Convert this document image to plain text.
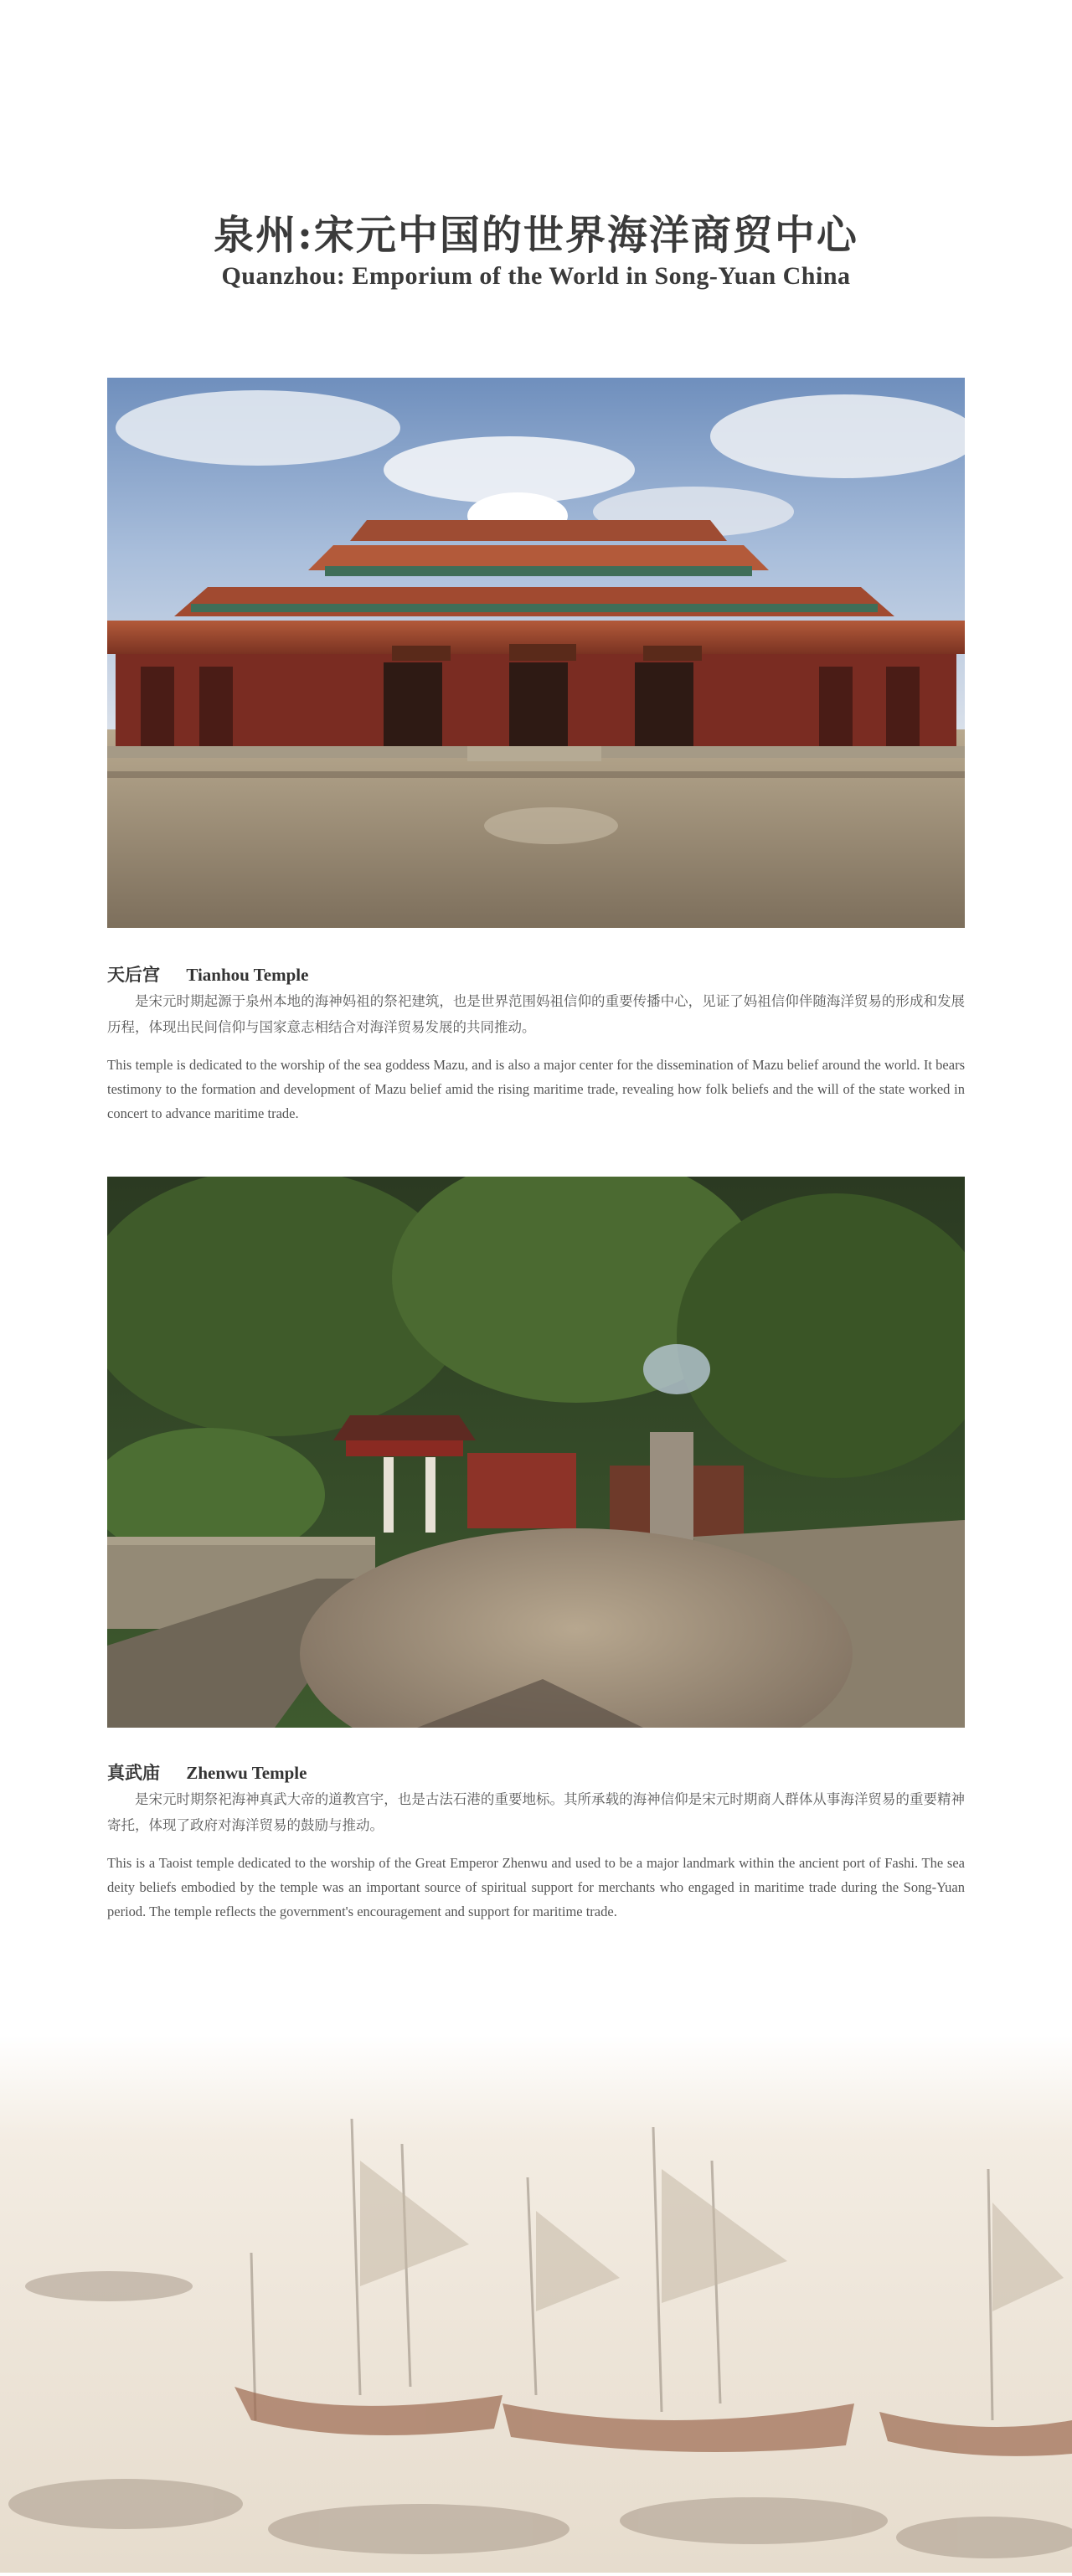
泉州:宋元中国的世界海洋商贸中心
Quanzhou: Emporium of the World in Song-Yuan China
天后宫 Tianhou Temple

是宋元时期起源于泉州本地的海神妈祖的祭祀建筑，也是世界范围妈祖信仰的重要传播中心，见证了妈祖信仰伴随海洋贸易的形成和发展历程，体现出民间信仰与国家意志相结合对海洋贸易发展的共同推动。

This temple is dedicated to the worship of the sea goddess Mazu, and is also a major center for the dissemination of Mazu belief around the world. It bears testimony to the formation and development of Mazu belief amid the rising maritime trade, revealing how folk beliefs and the will of the state worked in concert to advance maritime trade.

真武庙 Zhenwu Temple

是宋元时期祭祀海神真武大帝的道教宫宇，也是古法石港的重要地标。其所承载的海神信仰是宋元时期商人群体从事海洋贸易的重要精神寄托，体现了政府对海洋贸易的鼓励与推动。

This is a Taoist temple dedicated to the worship of the Great Emperor Zhenwu and used to be a major landmark within the ancient port of Fashi. The sea deity beliefs embodied by the temple was an important source of spiritual support for merchants who engaged in maritime trade during the Song-Yuan period. The temple reflects the government's encouragement and support for maritime trade.
